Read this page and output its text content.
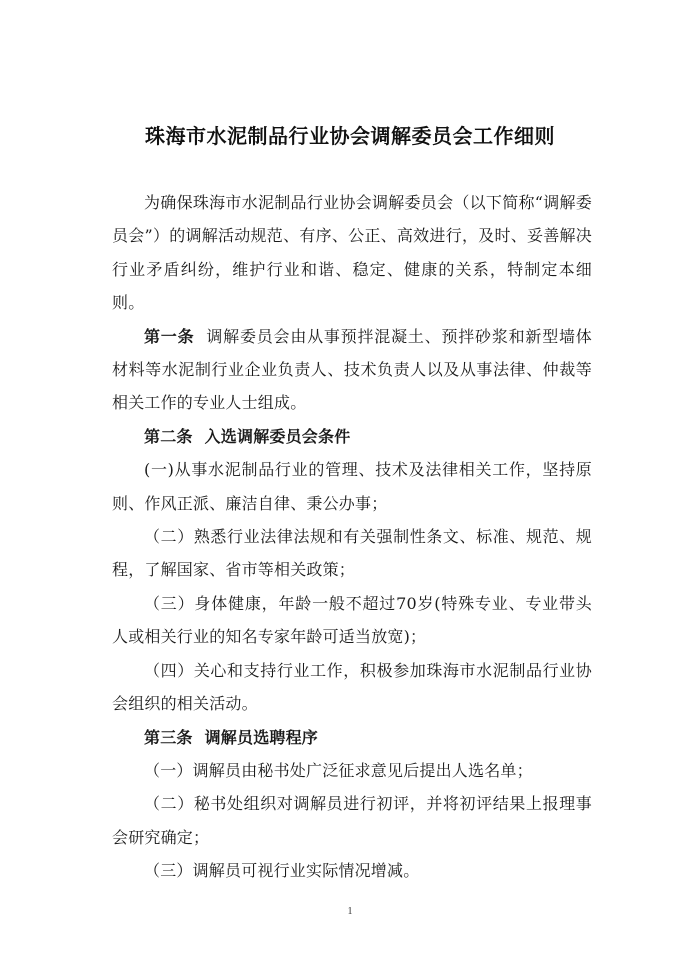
珠海市水泥制品行业协会调解委员会工作细则

为确保珠海市水泥制品行业协会调解委员会（以下简称“调解委员会”）的调解活动规范、有序、公正、高效进行，及时、妥善解决行业矛盾纠纷，维护行业和谐、稳定、健康的关系，特制定本细则。

第一条 调解委员会由从事预拌混凝土、预拌砂浆和新型墙体材料等水泥制行业企业负责人、技术负责人以及从事法律、仲裁等相关工作的专业人士组成。

第二条 入选调解委员会条件

(一)从事水泥制品行业的管理、技术及法律相关工作，坚持原则、作风正派、廉洁自律、秉公办事；

（二）熟悉行业法律法规和有关强制性条文、标准、规范、规程，了解国家、省市等相关政策；

（三）身体健康，年龄一般不超过70岁(特殊专业、专业带头人或相关行业的知名专家年龄可适当放宽)；

（四）关心和支持行业工作，积极参加珠海市水泥制品行业协会组织的相关活动。

第三条 调解员选聘程序

（一）调解员由秘书处广泛征求意见后提出人选名单；

（二）秘书处组织对调解员进行初评，并将初评结果上报理事会研究确定；

（三）调解员可视行业实际情况增减。

1
